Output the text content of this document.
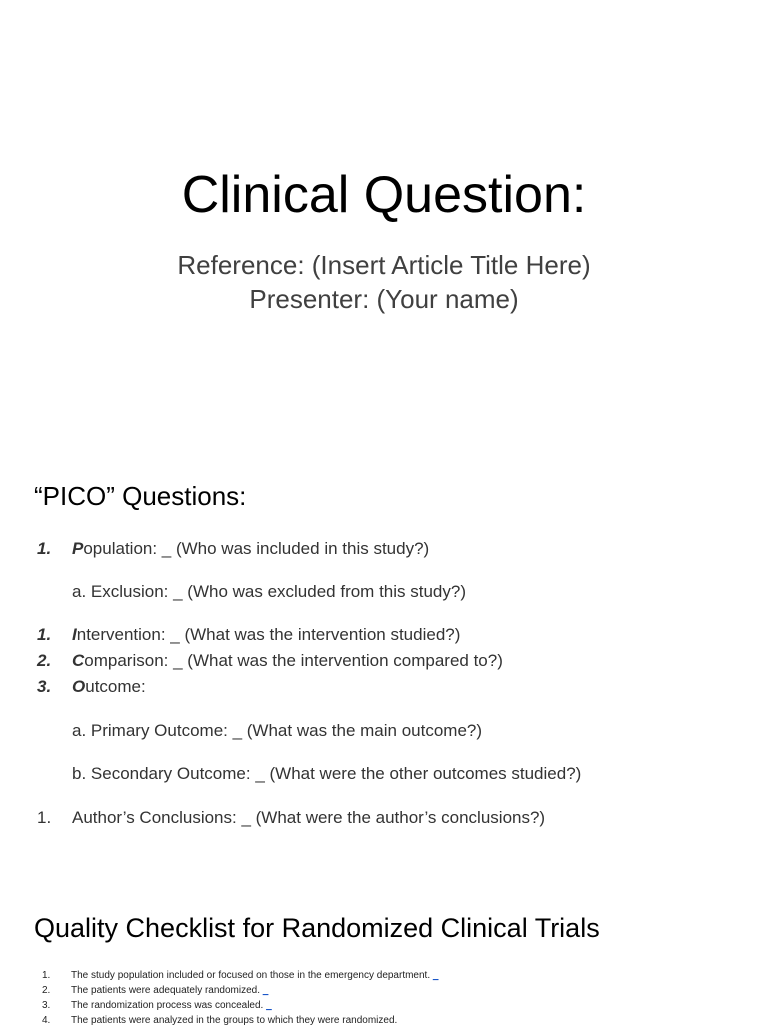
Clinical Question:
Reference: (Insert Article Title Here)
Presenter: (Your name)
“PICO” Questions:
1.	Population: _ (Who was included in this study?)
a. Exclusion: _ (Who was excluded from this study?)
1.	Intervention: _ (What was the intervention studied?)
2.	Comparison: _ (What was the intervention compared to?)
3.	Outcome:
a. Primary Outcome: _ (What was the main outcome?)
b. Secondary Outcome: _ (What were the other outcomes studied?)
1.	Author’s Conclusions: _ (What were the author’s conclusions?)
Quality Checklist for Randomized Clinical Trials
1. The study population included or focused on those in the emergency department. _
2. The patients were adequately randomized. _
3. The randomization process was concealed. _
4. The patients were analyzed in the groups to which they were randomized.
